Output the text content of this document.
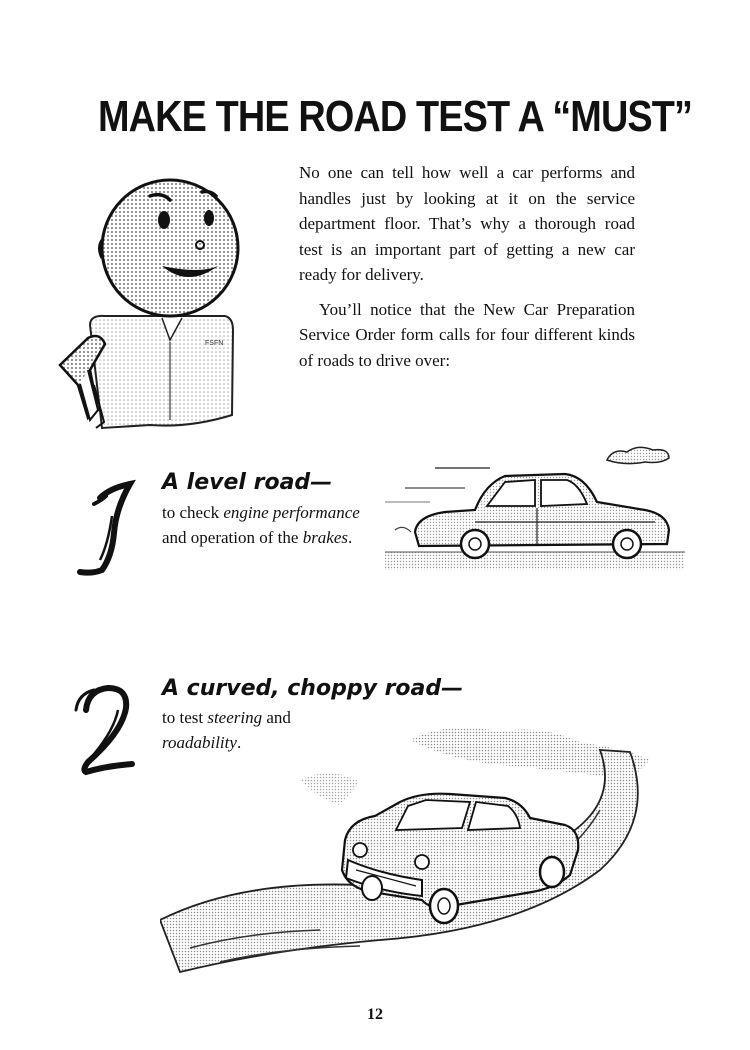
MAKE THE ROAD TEST A “MUST”
FSFN

No one can tell how well a car performs and handles just by looking at it on the service department floor. That’s why a thorough road test is an important part of getting a new car ready for delivery.

You’ll notice that the New Car Preparation Service Order form calls for four different kinds of roads to drive over:

A level road—
to check engine performance and operation of the brakes.
A curved, choppy road—
to test steering and roadability.
12
